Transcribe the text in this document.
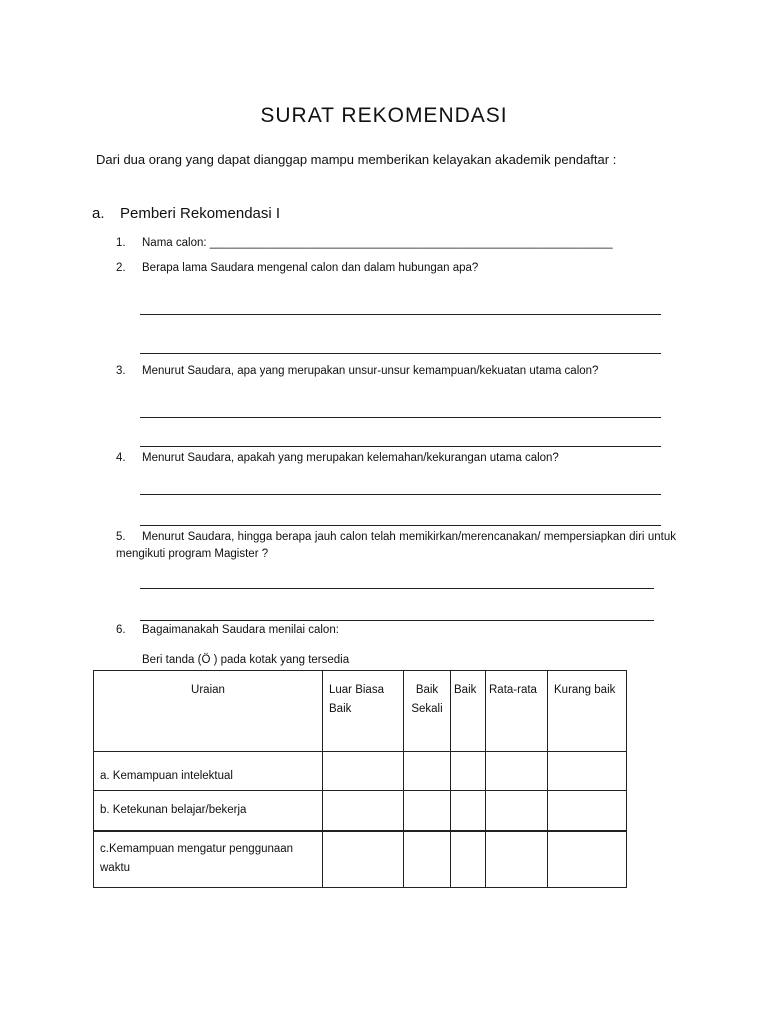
SURAT REKOMENDASI
Dari dua orang yang dapat dianggap mampu memberikan kelayakan akademik pendaftar :
a. Pemberi Rekomendasi I
1. Nama calon: _______________________________________________________________
2. Berapa lama Saudara mengenal calon dan dalam hubungan apa?
3. Menurut Saudara, apa yang merupakan unsur-unsur kemampuan/kekuatan utama calon?
4. Menurut Saudara, apakah yang merupakan kelemahan/kekurangan utama calon?
5. Menurut Saudara, hingga berapa jauh calon telah memikirkan/merencanakan/ mempersiapkan diri untuk mengikuti program Magister ?
6. Bagaimanakah Saudara menilai calon:
Beri tanda (Ö ) pada kotak yang tersedia
Uraian	Luar Biasa Baik	Baik Sekali	Baik	Rata-rata	Kurang baik
a. Kemampuan intelektual					
b. Ketekunan belajar/bekerja					
c.Kemampuan mengatur penggunaan waktu					
